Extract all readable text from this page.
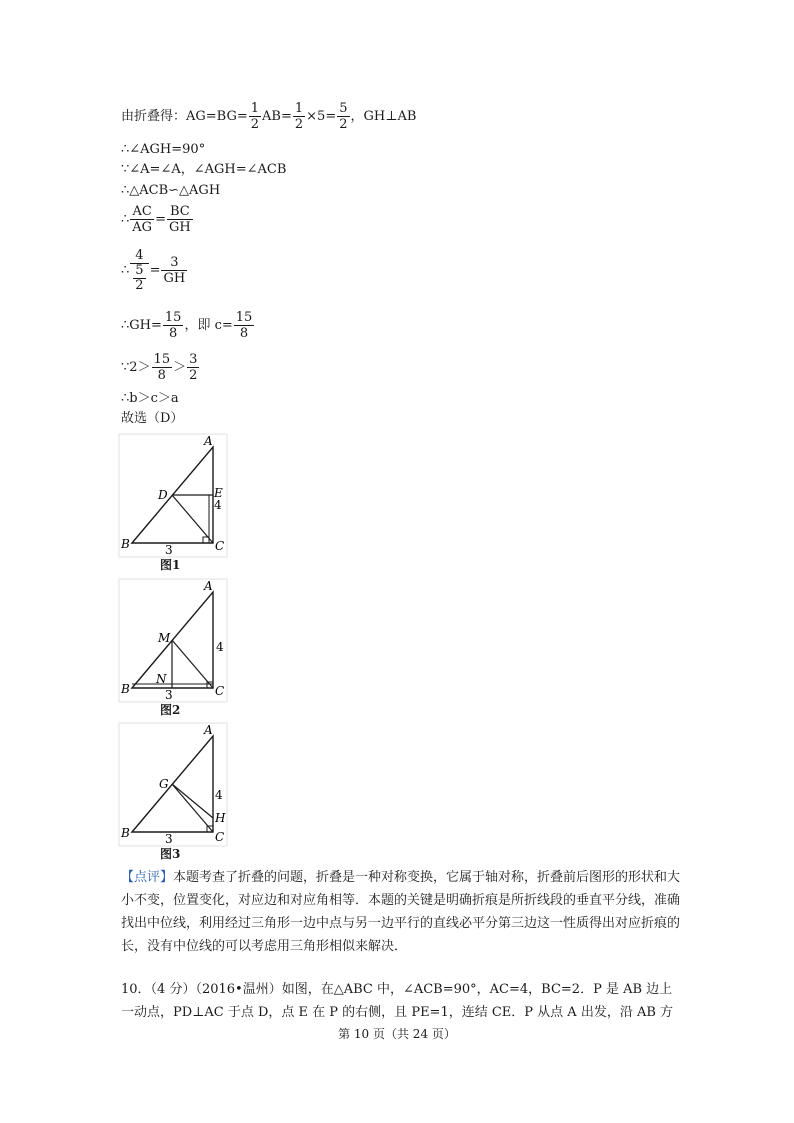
由折叠得：$AG=BG= \frac{1}{2} AB= \frac{1}{2} \times 5= \frac{5}{2}$ ，GH⊥AB
∴∠AGH=90°
∵∠A=∠A，∠AGH=∠ACB
∴△ACB∽△AGH
∴ $\frac{AC}{AG} = \frac{BC}{GH}$
∴ $\frac{4}{\frac{5}{2}} = \frac{3}{GH}$
∴GH= $\frac{15}{8}$ ，即 $c= \frac{15}{8}$
∵2＞ $\frac{15}{8} > \frac{3}{2}$
∴b＞c＞a
故选（D）
A
B	C
D	E
4
3
图1
A
B	C
M
N
4
3
图2
A
B	C
G
H
4
3
图3
【点评】本题考查了折叠的问题，折叠是一种对称变换，它属于轴对称，折叠前后图形的形状和大小不变，位置变化，对应边和对应角相等．本题的关键是明确折痕是所折线段的垂直平分线，准确找出中位线，利用经过三角形一边中点与另一边平行的直线必平分第三边这一性质得出对应折痕的长，没有中位线的可以考虑用三角形相似来解决．
10．（4 分）（2016•温州）如图，在△ABC 中，∠ACB=90°，AC=4，BC=2．P 是 AB 边上一动点，PD⊥AC 于点 D，点 E 在 P 的右侧，且 PE=1，连结 CE．P 从点 A 出发，沿 AB 方
第 10 页（共 24 页）
